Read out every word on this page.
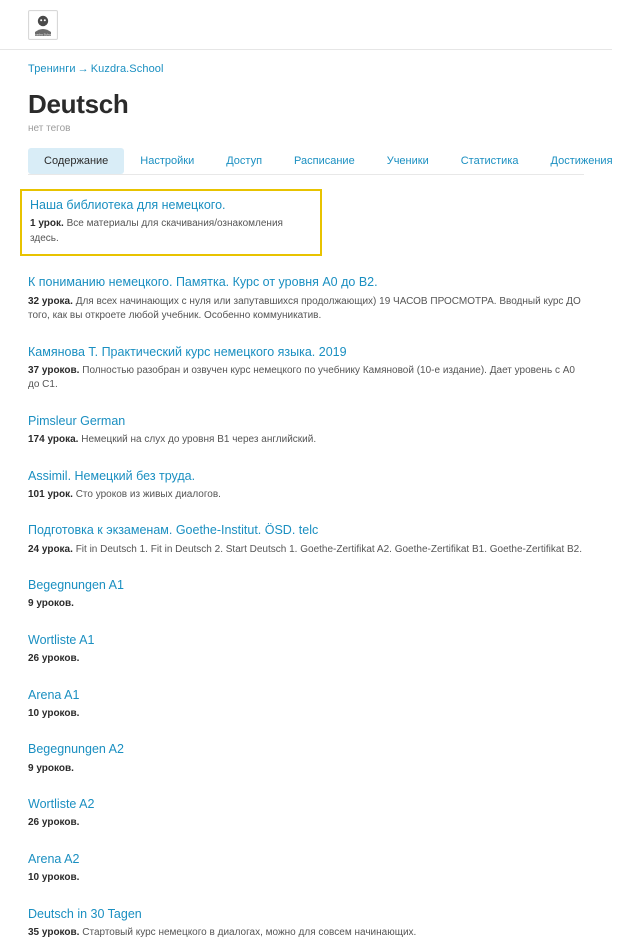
Kuzdra School
Тренинги → Kuzdra.School
Deutsch
нет тегов
Содержание	Настройки	Доступ	Расписание	Ученики	Статистика	Достижения
Наша библиотека для немецкого.
1 урок. Все материалы для скачивания/ознакомления здесь.
К пониманию немецкого. Памятка. Курс от уровня A0 до B2.
32 урока. Для всех начинающих с нуля или запутавшихся продолжающих) 19 ЧАСОВ ПРОСМОТРА. Вводный курс ДО того, как вы откроете любой учебник. Особенно коммуникатив.
Камянова Т. Практический курс немецкого языка. 2019
37 уроков. Полностью разобран и озвучен курс немецкого по учебнику Камяновой (10-е издание). Дает уровень с A0 до C1.
Pimsleur German
174 урока. Немецкий на слух до уровня B1 через английский.
Assimil. Немецкий без труда.
101 урок. Сто уроков из живых диалогов.
Подготовка к экзаменам. Goethe-Institut. ÖSD. telc
24 урока. Fit in Deutsch 1. Fit in Deutsch 2. Start Deutsch 1. Goethe-Zertifikat A2. Goethe-Zertifikat B1. Goethe-Zertifikat B2.
Begegnungen A1
9 уроков.
Wortliste A1
26 уроков.
Arena A1
10 уроков.
Begegnungen A2
9 уроков.
Wortliste A2
26 уроков.
Arena A2
10 уроков.
Deutsch in 30 Tagen
35 уроков. Стартовый курс немецкого в диалогах, можно для совсем начинающих.
